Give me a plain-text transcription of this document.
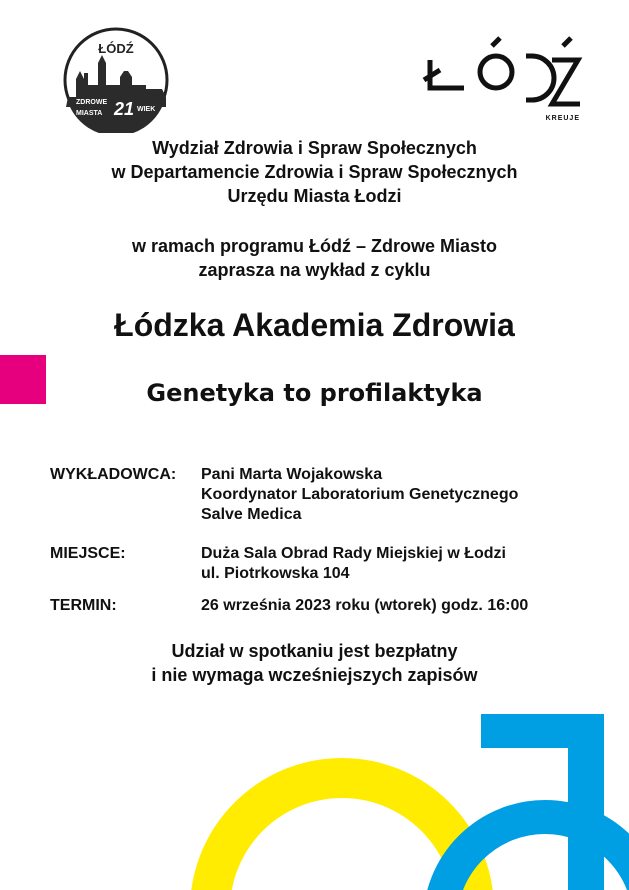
ŁÓDŹ
ZDROWE
MIASTA 21 WIEK
KREUJE
Wydział Zdrowia i Spraw Społecznych
w Departamencie Zdrowia i Spraw Społecznych
Urzędu Miasta Łodzi
w ramach programu Łódź – Zdrowe Miasto
zaprasza na wykład z cyklu
Łódzka Akademia Zdrowia
Genetyka to profilaktyka
WYKŁADOWCA: Pani Marta Wojakowska
Koordynator Laboratorium Genetycznego
Salve Medica
MIEJSCE:	Duża Sala Obrad Rady Miejskiej w Łodzi
ul. Piotrkowska 104
TERMIN:	26 września 2023 roku (wtorek) godz. 16:00
Udział w spotkaniu jest bezpłatny
i nie wymaga wcześniejszych zapisów
